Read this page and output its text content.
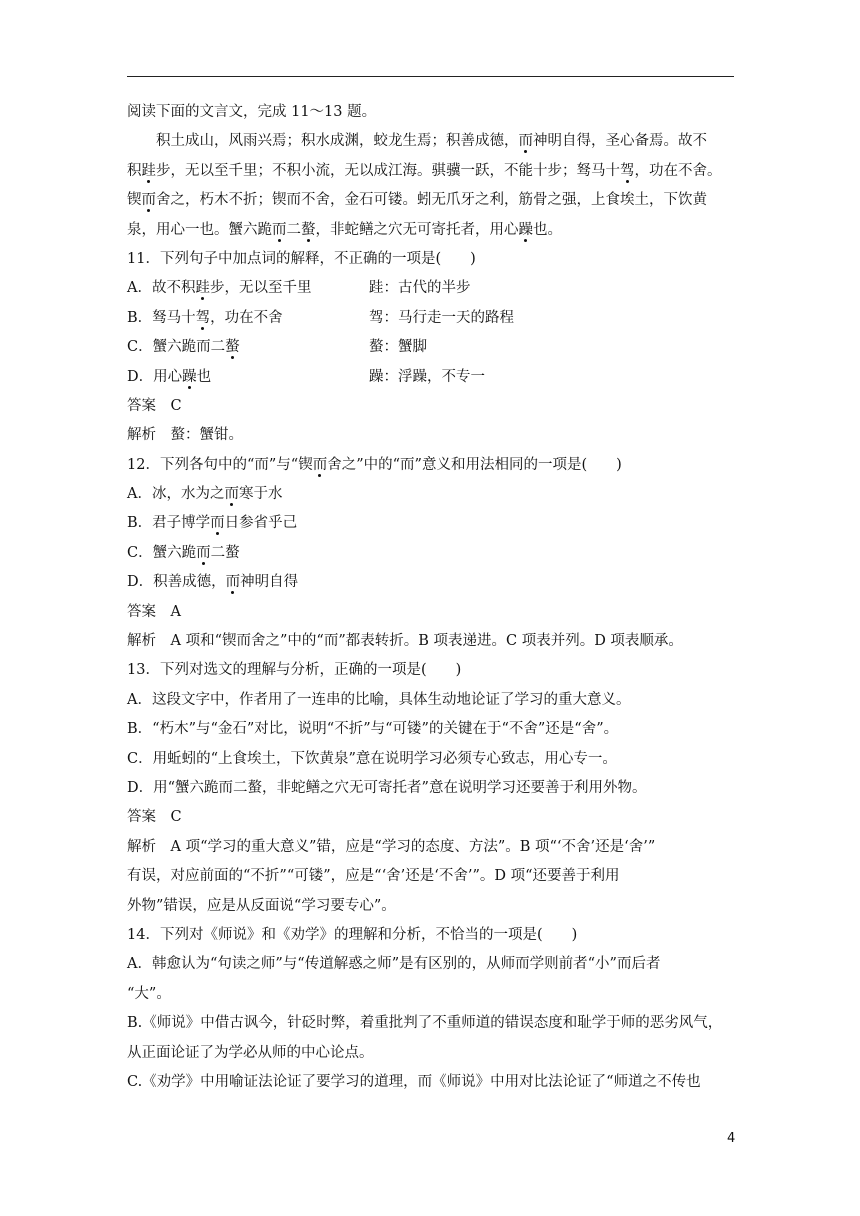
阅读下面的文言文，完成 11～13 题。
积土成山，风雨兴焉；积水成渊，蛟龙生焉；积善成德，而神明自得，圣心备焉。故不
积跬步，无以至千里；不积小流，无以成江海。骐骥一跃，不能十步；驽马十驾，功在不舍。
锲而舍之，朽木不折；锲而不舍，金石可镂。蚓无爪牙之利，筋骨之强，上食埃土，下饮黄
泉，用心一也。蟹六跪而二螯，非蛇鳝之穴无可寄托者，用心躁也。
11．下列句子中加点词的解释，不正确的一项是(　　)
A．故不积跬步，无以至千里	跬：古代的半步
B．驽马十驾，功在不舍	驾：马行走一天的路程
C．蟹六跪而二螯	螯：蟹脚
D．用心躁也	躁：浮躁，不专一
答案　C
解析　螯：蟹钳。
12．下列各句中的“而”与“锲而舍之”中的“而”意义和用法相同的一项是(　　)
A．冰，水为之而寒于水
B．君子博学而日参省乎己
C．蟹六跪而二螯
D．积善成德，而神明自得
答案　A
解析　A 项和“锲而舍之”中的“而”都表转折。B 项表递进。C 项表并列。D 项表顺承。
13．下列对选文的理解与分析，正确的一项是(　　)
A．这段文字中，作者用了一连串的比喻，具体生动地论证了学习的重大意义。
B．“朽木”与“金石”对比，说明“不折”与“可镂”的关键在于“不舍”还是“舍”。
C．用蚯蚓的“上食埃土，下饮黄泉”意在说明学习必须专心致志，用心专一。
D．用“蟹六跪而二螯，非蛇鳝之穴无可寄托者”意在说明学习还要善于利用外物。
答案　C
解析　A 项“学习的重大意义”错，应是“学习的态度、方法”。B 项“‘不舍’还是‘舍’”
有误，对应前面的“不折”“可镂”，应是“‘舍’还是‘不舍’”。D 项“还要善于利用
外物”错误，应是从反面说“学习要专心”。
14．下列对《师说》和《劝学》的理解和分析，不恰当的一项是(　　)
A．韩愈认为“句读之师”与“传道解惑之师”是有区别的，从师而学则前者“小”而后者
“大”。
B.《师说》中借古讽今，针砭时弊，着重批判了不重师道的错误态度和耻学于师的恶劣风气，
从正面论证了为学必从师的中心论点。
C.《劝学》中用喻证法论证了要学习的道理，而《师说》中用对比法论证了“师道之不传也
4
